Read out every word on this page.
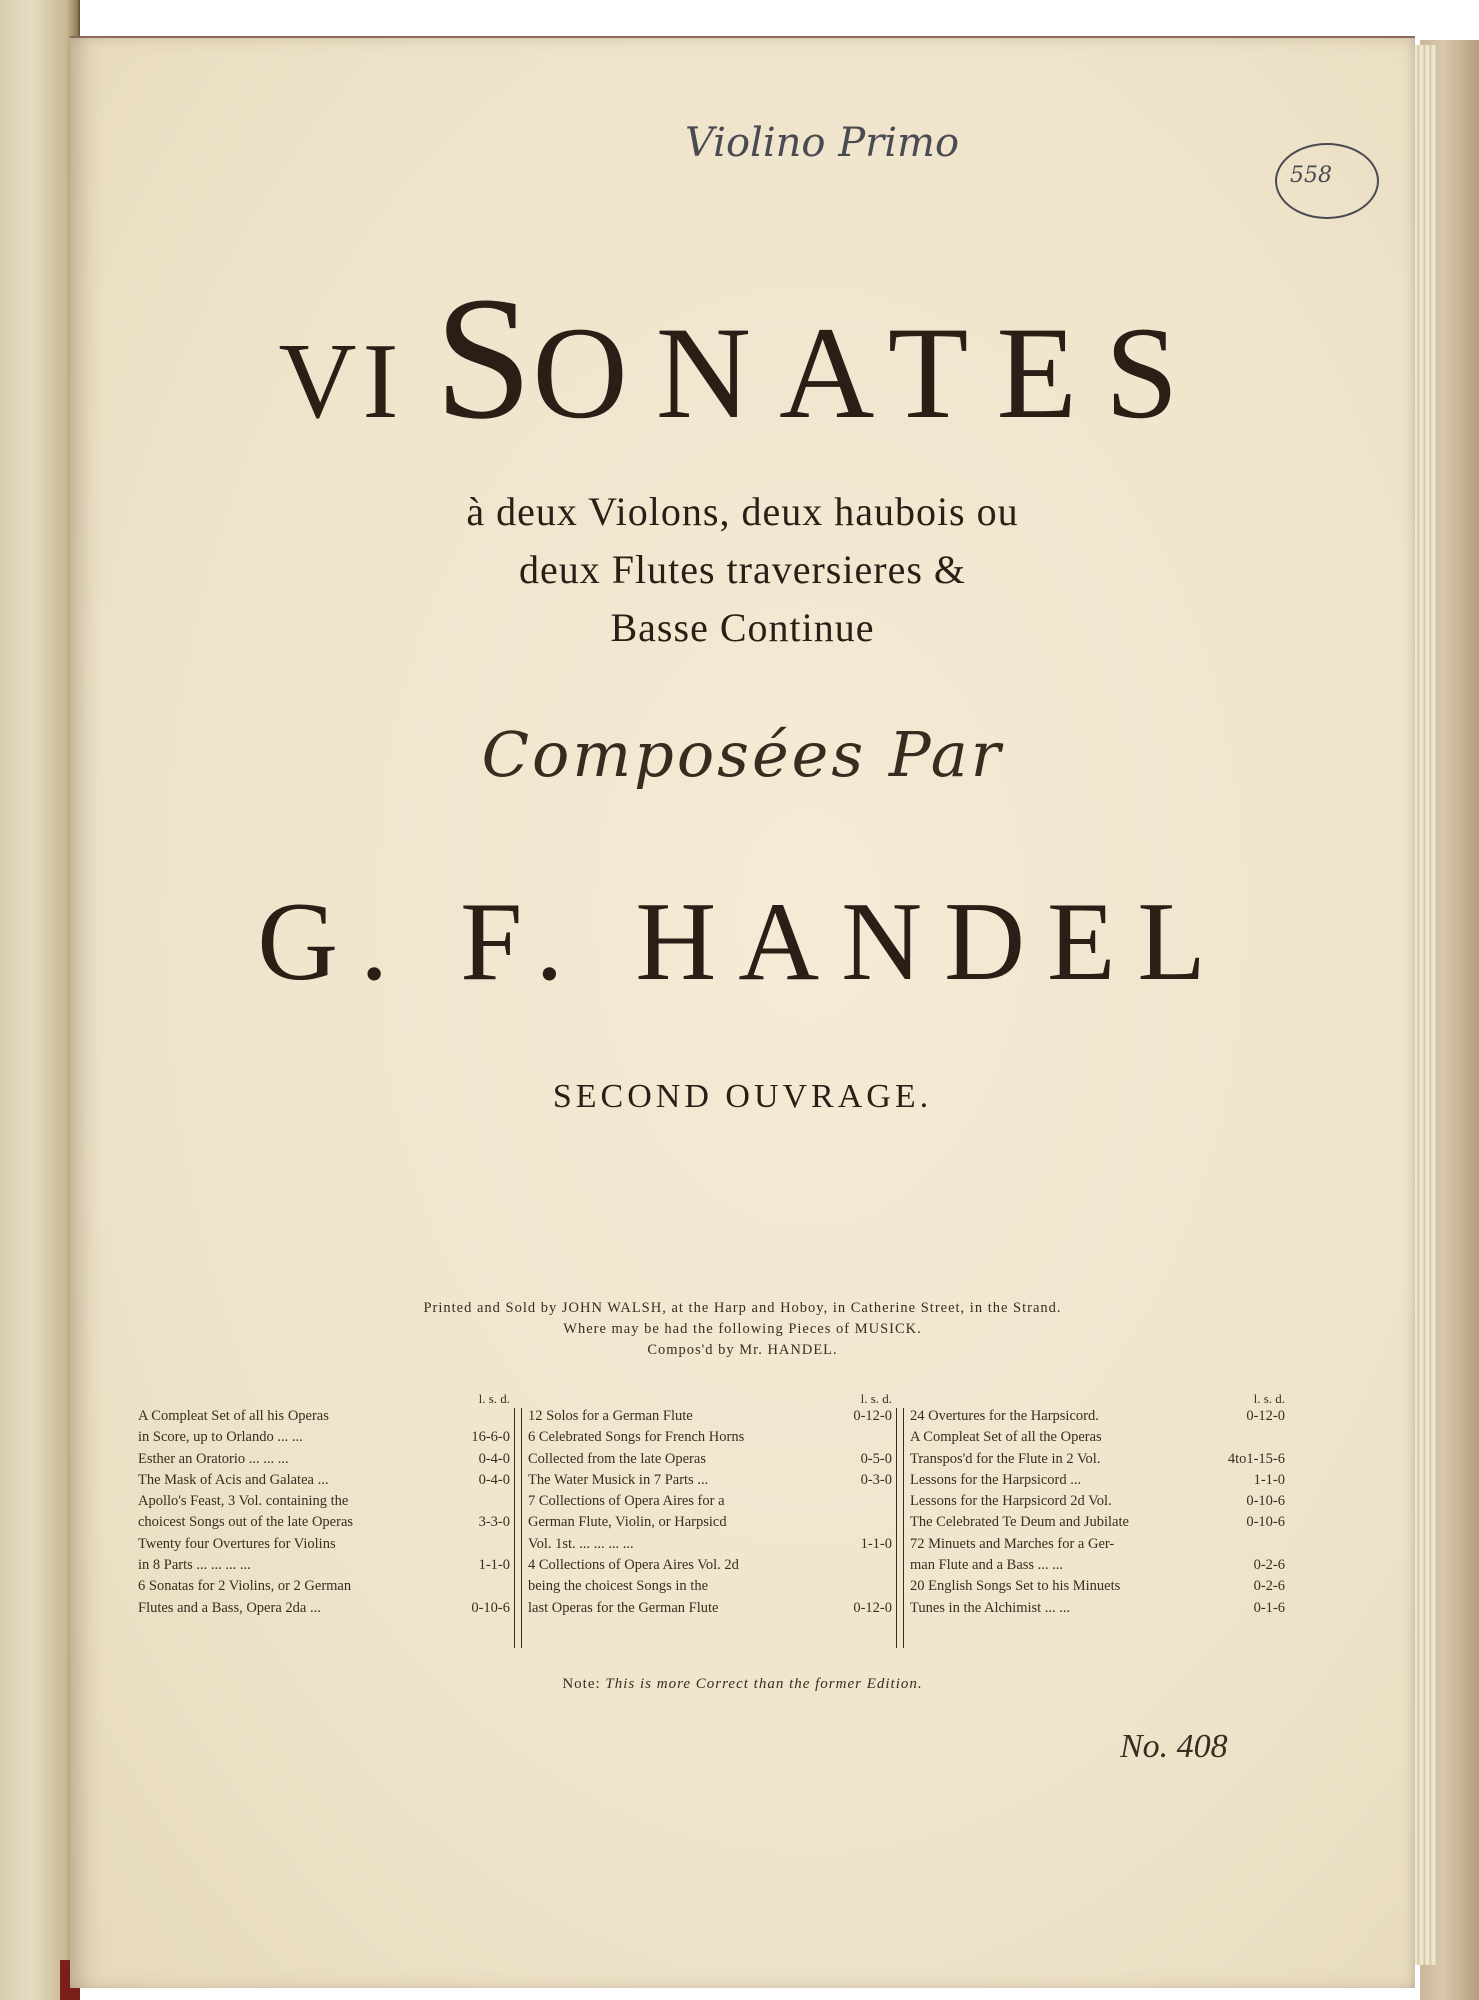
Violino Primo
558
VI SONATES
à deux Violons, deux haubois ou
deux Flutes traversieres &
Basse Continue
Composées Par
G. F. HANDEL
SECOND OUVRAGE.
Printed and Sold by JOHN WALSH, at the Harp and Hoboy, in Catherine Street, in the Strand.
Where may be had the following Pieces of MUSICK.
Compos'd by Mr. HANDEL.
l. s. d.
A Compleat Set of all his Operas
in Score, up to Orlando ... ...	16-6-0
Esther an Oratorio ... ... ...	0-4-0
The Mask of Acis and Galatea ...	0-4-0
Apollo's Feast, 3 Vol. containing the
choicest Songs out of the late Operas	3-3-0
Twenty four Overtures for Violins
in 8 Parts ... ... ... ...	1-1-0
6 Sonatas for 2 Violins, or 2 German
Flutes and a Bass, Opera 2da ...	0-10-6
l. s. d.
12 Solos for a German Flute	0-12-0
6 Celebrated Songs for French Horns
Collected from the late Operas	0-5-0
The Water Musick in 7 Parts ...	0-3-0
7 Collections of Opera Aires for a
German Flute, Violin, or Harpsicd
Vol. 1st. ... ... ... ...	1-1-0
4 Collections of Opera Aires Vol. 2d
being the choicest Songs in the
last Operas for the German Flute	0-12-0
l. s. d.
24 Overtures for the Harpsicord.	0-12-0
A Compleat Set of all the Operas
Transpos'd for the Flute in 2 Vol.	4to1-15-6
Lessons for the Harpsicord ...	1-1-0
Lessons for the Harpsicord 2d Vol.	0-10-6
The Celebrated Te Deum and Jubilate	0-10-6
72 Minuets and Marches for a Ger-
man Flute and a Bass ... ...	0-2-6
20 English Songs Set to his Minuets	0-2-6
Tunes in the Alchimist ... ...	0-1-6
Note: This is more Correct than the former Edition.
No. 408
